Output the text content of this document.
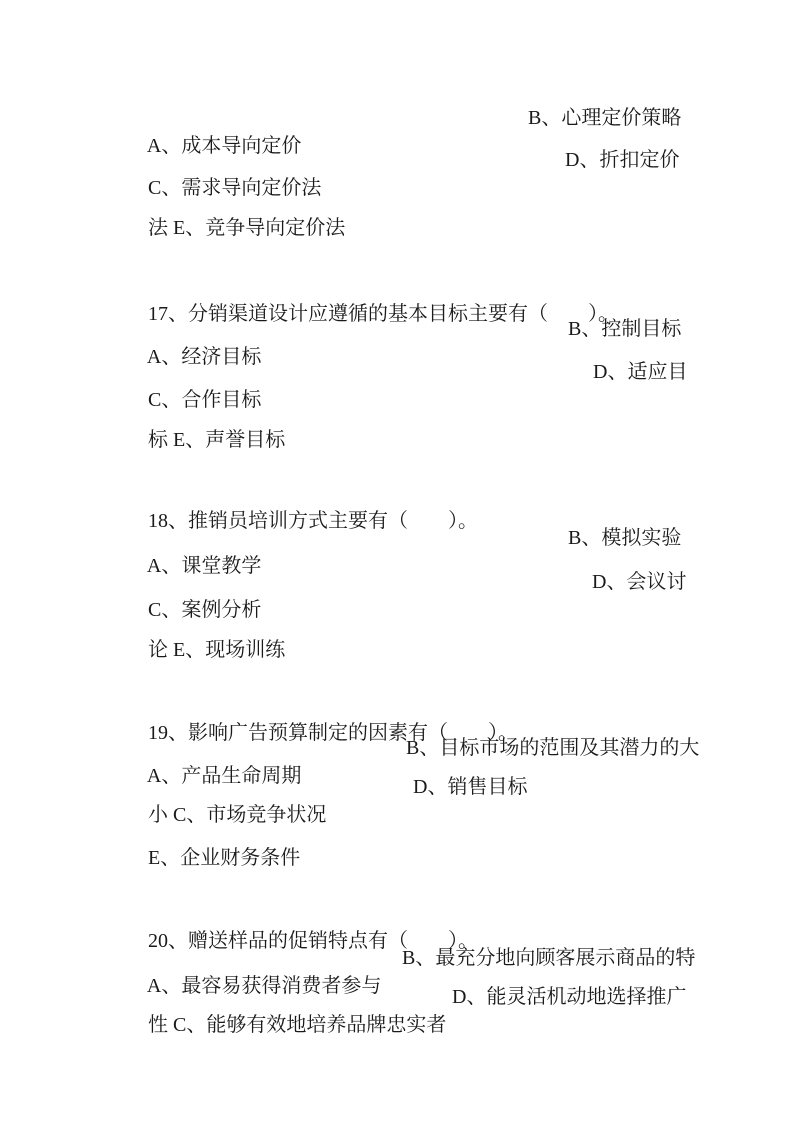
A、成本导向定价

B、心理定价策略

C、需求导向定价法

D、折扣定价

法 E、竞争导向定价法

17、分销渠道设计应遵循的基本目标主要有（        ）。

A、经济目标

B、控制目标

C、合作目标

D、适应目

标 E、声誉目标

18、推销员培训方式主要有（        ）。

A、课堂教学

B、模拟实验

C、案例分析

D、会议讨

论 E、现场训练

19、影响广告预算制定的因素有（        ）。

A、产品生命周期

B、目标市场的范围及其潜力的大

小 C、市场竞争状况

D、销售目标

E、企业财务条件

20、赠送样品的促销特点有（        ）。

A、最容易获得消费者参与

B、最充分地向顾客展示商品的特

性 C、能够有效地培养品牌忠实者

D、能灵活机动地选择推广
